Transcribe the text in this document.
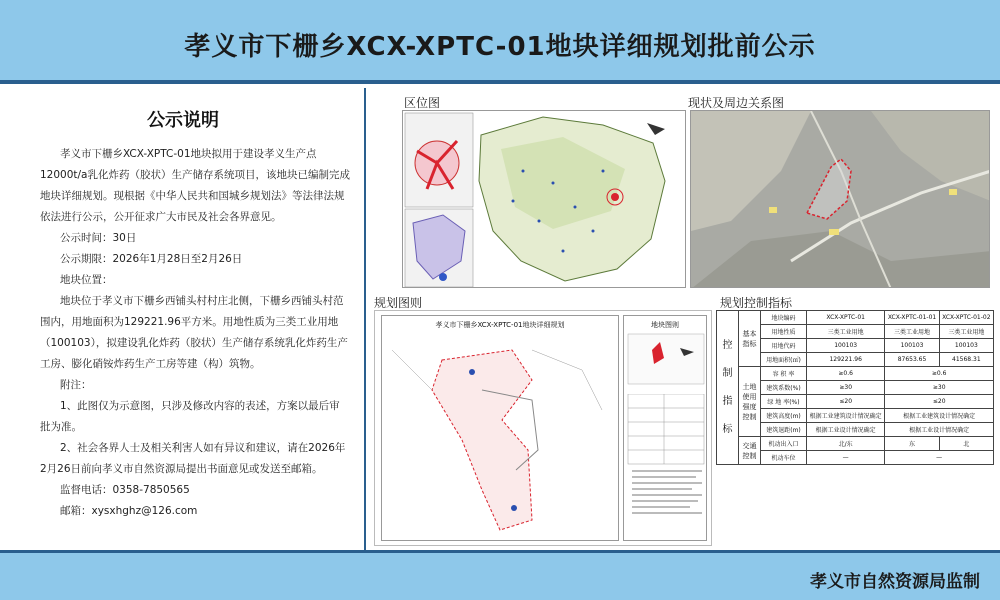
孝义市下栅乡XCX-XPTC-01地块详细规划批前公示
公示说明

孝义市下栅乡XCX-XPTC-01地块拟用于建设孝义生产点12000t/a乳化炸药（胶状）生产储存系统项目，该地块已编制完成地块详细规划。现根据《中华人民共和国城乡规划法》等法律法规依法进行公示，公开征求广大市民及社会各界意见。

公示时间：30日

公示期限：2026年1月28日至2月26日

地块位置：

地块位于孝义市下栅乡西铺头村村庄北侧，下栅乡西铺头村范围内，用地面积为129221.96平方米。用地性质为三类工业用地（100103），拟建设乳化炸药（胶状）生产储存系统乳化炸药生产工房、膨化硝铵炸药生产工房等建（构）筑物。

附注：

1、此图仅为示意图，只涉及修改内容的表述，方案以最后审批为准。

2、社会各界人士及相关利害人如有异议和建议，请在2026年2月26日前向孝义市自然资源局提出书面意见或发送至邮箱。

监督电话：0358-7850565

邮箱：xysxhghz@126.com

区位图	现状及周边关系图
规划图则	规划控制指标
孝义市下栅乡XCX-XPTC-01地块详细规划	地块图则

控

制

指

标	基本指标	地块编码	XCX-XPTC-01	XCX-XPTC-01-01	XCX-XPTC-01-02
		用地性质	三类工业用地	三类工业用地	三类工业用地
		用地代码	100103	100103	100103
		用地面积(㎡)	129221.96	87653.65	41568.31
	土地使用强度控制	容 积 率	≥0.6	≥0.6	
		建筑系数(%)	≥30	≥30	
		绿 地 率(%)	≤20	≤20	
		建筑高度(m)	根据工业建筑设计情况确定	根据工业建筑设计情况确定	
		建筑退距(m)	根据工业设计情况确定	根据工业设计情况确定	
	交通控制	机动出入口	北/东	东	北
		机动车位	—	—	
孝义市自然资源局监制
